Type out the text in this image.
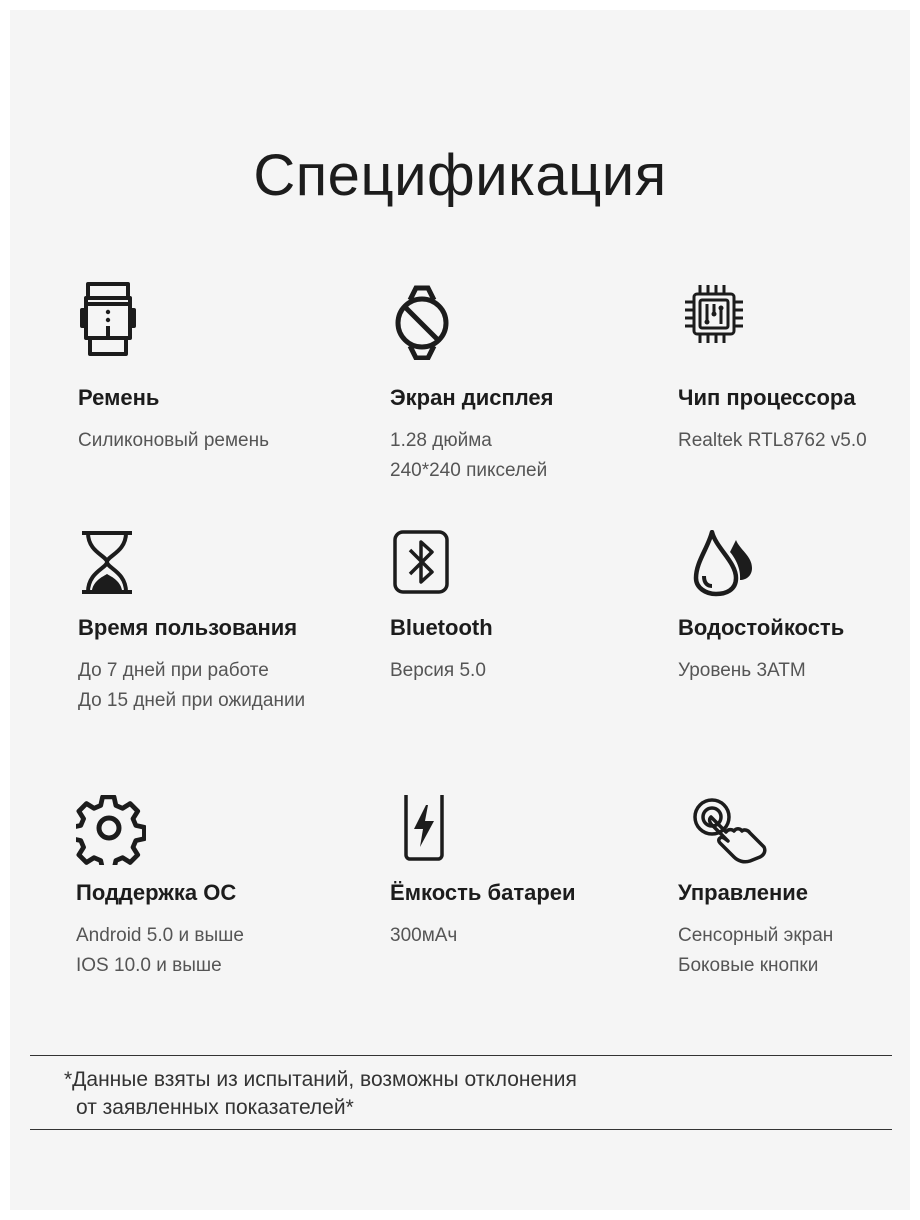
Спецификация
Ремень
Силиконовый ремень
Экран дисплея
1.28 дюйма
240*240 пикселей
Чип процессора
Realtek RTL8762 v5.0
Время пользования
До 7 дней при работе
До 15 дней при ожидании
Bluetooth
Версия 5.0
Водостойкость
Уровень 3АТМ
Поддержка ОС
Android 5.0 и выше
IOS 10.0 и выше
Ёмкость батареи
300мАч
Управление
Сенсорный экран
Боковые кнопки
*Данные взяты из испытаний, возможны отклонения
от заявленных показателей*
